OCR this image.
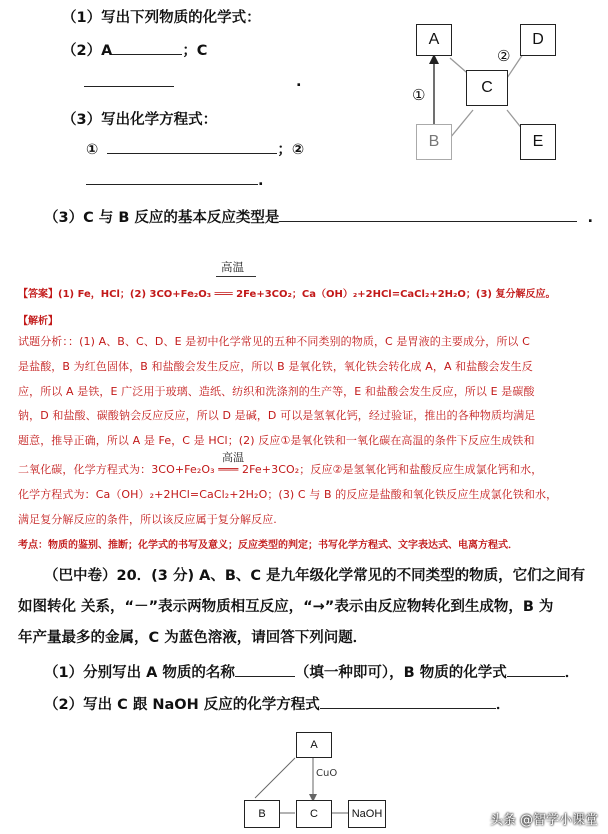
（1）写出下列物质的化学式：
（2）A	；C
.
（3）写出化学方程式：
①	；②
.
（3）C 与 B 反应的基本反应类型是	.
A
B
C
D
E
①
②
高温
【答案】(1) Fe，HCl；(2) 3CO+Fe₂O₃ ═══ 2Fe+3CO₂；Ca（OH）₂+2HCl=CaCl₂+2H₂O；(3) 复分解反应。
【解析】
试题分析：：(1) A、B、C、D、E 是初中化学常见的五种不同类别的物质，C 是胃液的主要成分，所以 C
是盐酸，B 为红色固体，B 和盐酸会发生反应，所以 B 是氧化铁，氧化铁会转化成 A，A 和盐酸会发生反
应，所以 A 是铁，E 广泛用于玻璃、造纸、纺织和洗涤剂的生产等，E 和盐酸会发生反应，所以 E 是碳酸
钠，D 和盐酸、碳酸钠会反应反应，所以 D 是碱，D 可以是氢氧化钙，经过验证，推出的各种物质均满足
题意，推导正确，所以 A 是 Fe，C 是 HCl；(2) 反应①是氧化铁和一氧化碳在高温的条件下反应生成铁和
高温
二氧化碳，化学方程式为：3CO+Fe₂O₃ ═══ 2Fe+3CO₂；反应②是氢氧化钙和盐酸反应生成氯化钙和水，
化学方程式为：Ca（OH）₂+2HCl=CaCl₂+2H₂O；(3) C 与 B 的反应是盐酸和氧化铁反应生成氯化铁和水，
满足复分解反应的条件，所以该反应属于复分解反应.
考点：物质的鉴别、推断；化学式的书写及意义；反应类型的判定；书写化学方程式、文字表达式、电离方程式．
（巴中卷）20．(3 分) A、B、C 是九年级化学常见的不同类型的物质，它们之间有
如图转化 关系，“－”表示两物质相互反应，“→”表示由反应物转化到生成物，B 为
年产量最多的金属，C 为蓝色溶液，请回答下列问题．
（1）分别写出 A 物质的名称	（填一种即可），B 物质的化学式	．
（2）写出 C 跟 NaOH 反应的化学方程式	．
A
CuO
B	C	NaOH	头条 @智学小课堂
